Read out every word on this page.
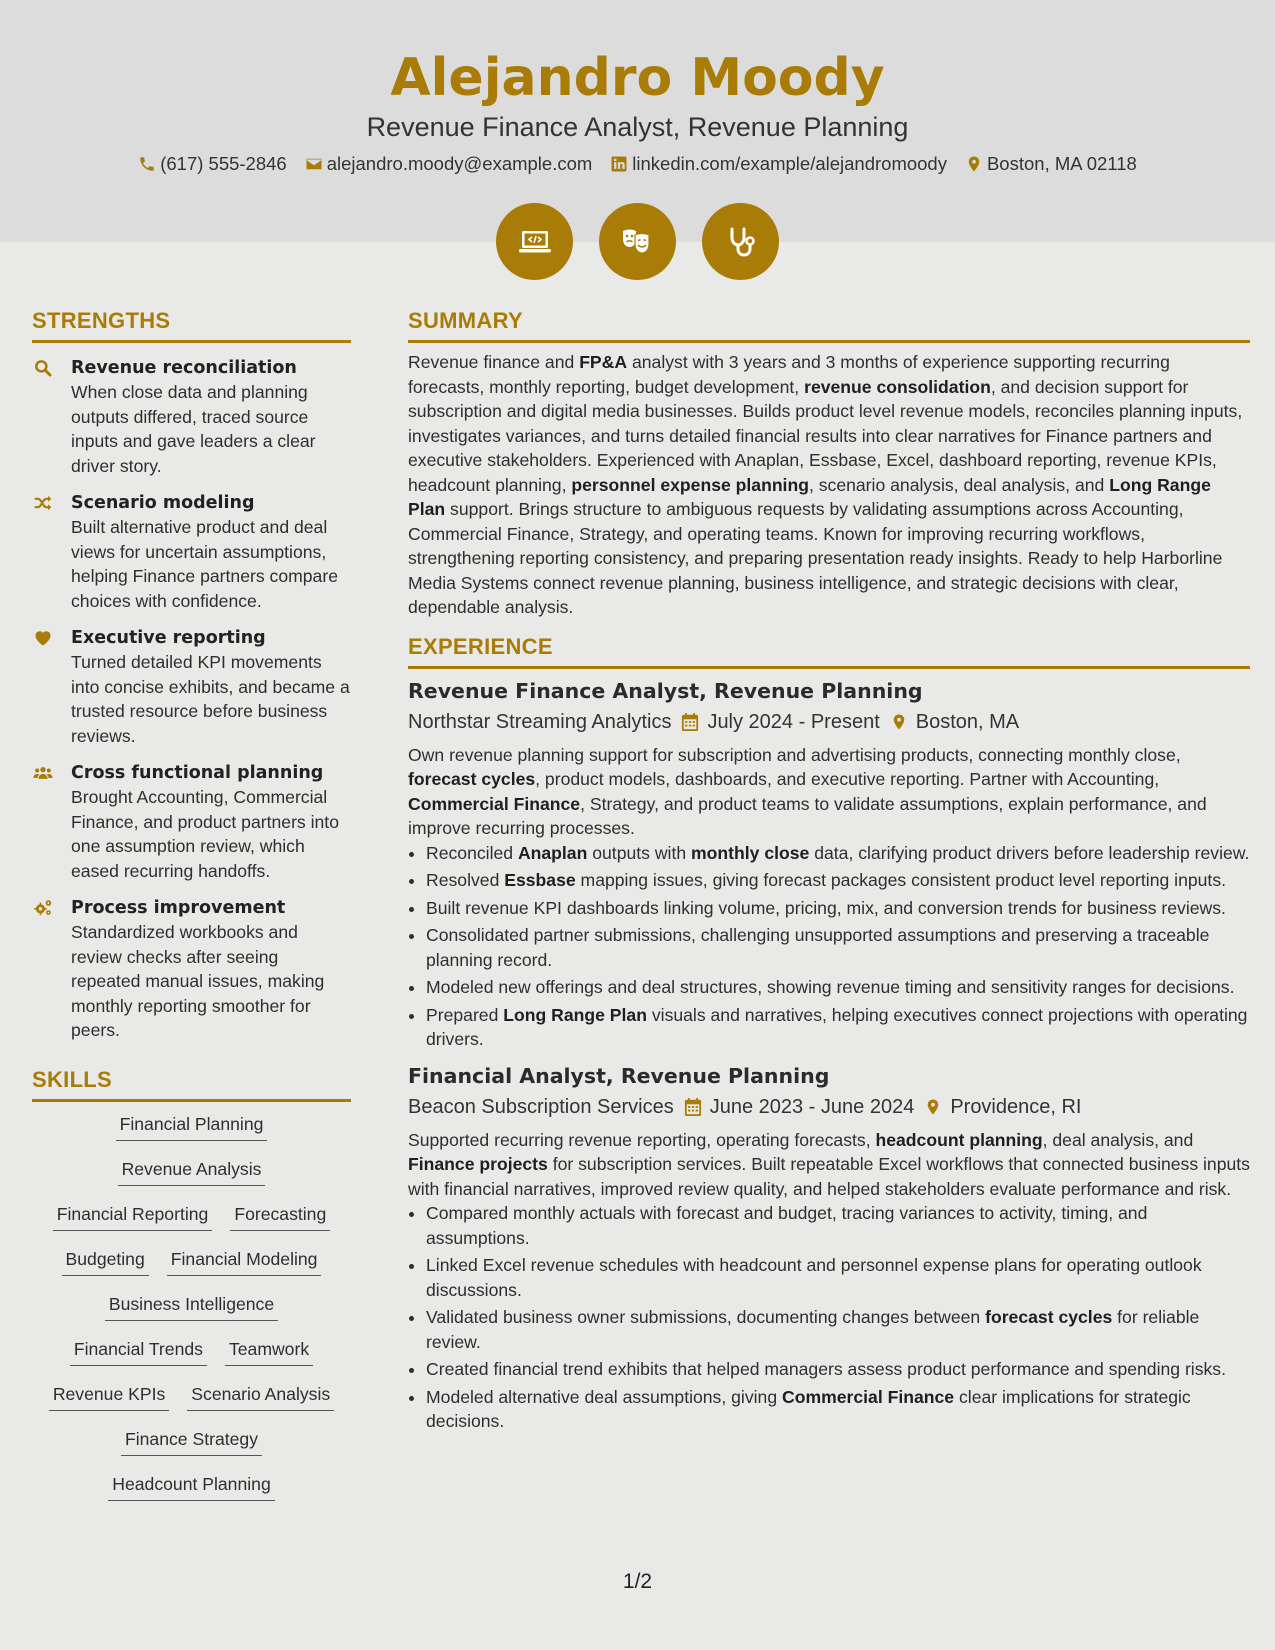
Alejandro Moody
Revenue Finance Analyst, Revenue Planning
(617) 555-2846 alejandro.moody@example.com linkedin.com/example/alejandromoody Boston, MA 02118
STRENGTHS
Revenue reconciliation
When close data and planning outputs differed, traced source inputs and gave leaders a clear driver story.
Scenario modeling
Built alternative product and deal views for uncertain assumptions, helping Finance partners compare choices with confidence.
Executive reporting
Turned detailed KPI movements into concise exhibits, and became a trusted resource before business reviews.
Cross functional planning
Brought Accounting, Commercial Finance, and product partners into one assumption review, which eased recurring handoffs.
Process improvement
Standardized workbooks and review checks after seeing repeated manual issues, making monthly reporting smoother for peers.
SKILLS
Financial Planning
Revenue Analysis
Financial Reporting Forecasting
Budgeting Financial Modeling
Business Intelligence
Financial Trends Teamwork
Revenue KPIs Scenario Analysis
Finance Strategy
Headcount Planning
SUMMARY
Revenue finance and FP&A analyst with 3 years and 3 months of experience supporting recurring forecasts, monthly reporting, budget development, revenue consolidation, and decision support for subscription and digital media businesses. Builds product level revenue models, reconciles planning inputs, investigates variances, and turns detailed financial results into clear narratives for Finance partners and executive stakeholders. Experienced with Anaplan, Essbase, Excel, dashboard reporting, revenue KPIs, headcount planning, personnel expense planning, scenario analysis, deal analysis, and Long Range Plan support. Brings structure to ambiguous requests by validating assumptions across Accounting, Commercial Finance, Strategy, and operating teams. Known for improving recurring workflows, strengthening reporting consistency, and preparing presentation ready insights. Ready to help Harborline Media Systems connect revenue planning, business intelligence, and strategic decisions with clear, dependable analysis.
EXPERIENCE
Revenue Finance Analyst, Revenue Planning
Northstar Streaming Analytics July 2024 - Present Boston, MA
Own revenue planning support for subscription and advertising products, connecting monthly close, forecast cycles, product models, dashboards, and executive reporting. Partner with Accounting, Commercial Finance, Strategy, and product teams to validate assumptions, explain performance, and improve recurring processes.
• Reconciled Anaplan outputs with monthly close data, clarifying product drivers before leadership review.
• Resolved Essbase mapping issues, giving forecast packages consistent product level reporting inputs.
• Built revenue KPI dashboards linking volume, pricing, mix, and conversion trends for business reviews.
• Consolidated partner submissions, challenging unsupported assumptions and preserving a traceable planning record.
• Modeled new offerings and deal structures, showing revenue timing and sensitivity ranges for decisions.
• Prepared Long Range Plan visuals and narratives, helping executives connect projections with operating drivers.
Financial Analyst, Revenue Planning
Beacon Subscription Services June 2023 - June 2024 Providence, RI
Supported recurring revenue reporting, operating forecasts, headcount planning, deal analysis, and Finance projects for subscription services. Built repeatable Excel workflows that connected business inputs with financial narratives, improved review quality, and helped stakeholders evaluate performance and risk.
• Compared monthly actuals with forecast and budget, tracing variances to activity, timing, and assumptions.
• Linked Excel revenue schedules with headcount and personnel expense plans for operating outlook discussions.
• Validated business owner submissions, documenting changes between forecast cycles for reliable review.
• Created financial trend exhibits that helped managers assess product performance and spending risks.
• Modeled alternative deal assumptions, giving Commercial Finance clear implications for strategic decisions.
1/2
